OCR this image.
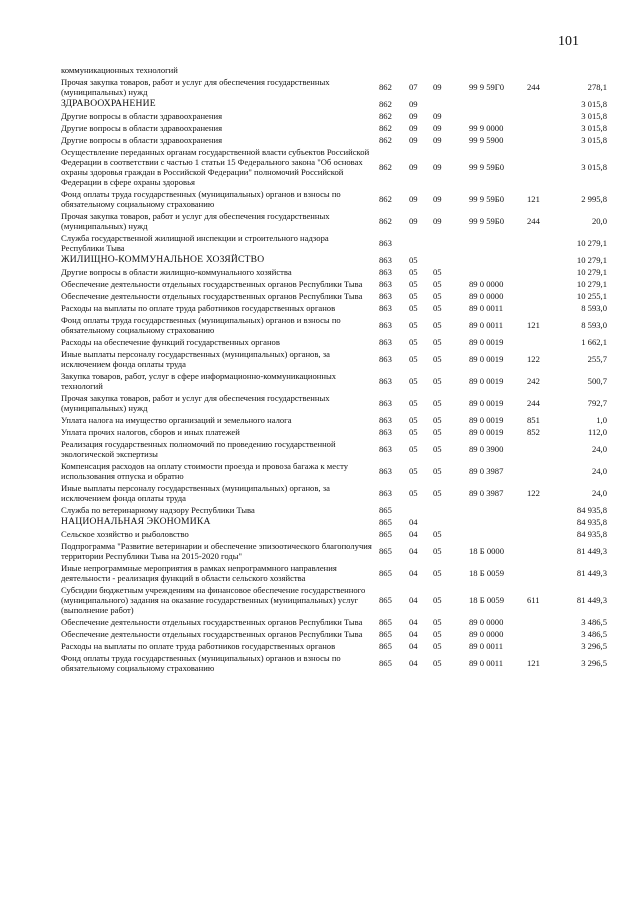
101
коммуникационных технологий						
Прочая закупка товаров, работ и услуг для обеспечения государственных (муниципальных) нужд	862	07	09	99 9 59Г0	244	278,1
ЗДРАВООХРАНЕНИЕ	862	09				3 015,8
Другие вопросы в области здравоохранения	862	09	09			3 015,8
Другие вопросы в области здравоохранения	862	09	09	99 9 0000		3 015,8
Другие вопросы в области здравоохранения	862	09	09	99 9 5900		3 015,8
Осуществление переданных органам государственной власти субъектов Российской Федерации в соответствии с частью 1 статьи 15 Федерального закона "Об основах охраны здоровья граждан в Российской Федерации" полномочий Российской Федерации в сфере охраны здоровья	862	09	09	99 9 59Б0		3 015,8
Фонд оплаты труда государственных (муниципальных) органов и взносы по обязательному социальному страхованию	862	09	09	99 9 59Б0	121	2 995,8
Прочая закупка товаров, работ и услуг для обеспечения государственных (муниципальных) нужд	862	09	09	99 9 59Б0	244	20,0
Служба государственной жилищной инспекции и строительного надзора Республики Тыва	863					10 279,1
ЖИЛИЩНО-КОММУНАЛЬНОЕ ХОЗЯЙСТВО	863	05				10 279,1
Другие вопросы в области жилищно-коммунального хозяйства	863	05	05			10 279,1
Обеспечение деятельности отдельных государственных органов Республики Тыва	863	05	05	89 0 0000		10 279,1
Обеспечение деятельности отдельных государственных органов Республики Тыва	863	05	05	89 0 0000		10 255,1
Расходы на выплаты по оплате труда работников государственных органов	863	05	05	89 0 0011		8 593,0
Фонд оплаты труда государственных (муниципальных) органов и взносы по обязательному социальному страхованию	863	05	05	89 0 0011	121	8 593,0
Расходы на обеспечение функций государственных органов	863	05	05	89 0 0019		1 662,1
Иные выплаты персоналу государственных (муниципальных) органов, за исключением фонда оплаты труда	863	05	05	89 0 0019	122	255,7
Закупка товаров, работ, услуг в сфере информационно-коммуникационных технологий	863	05	05	89 0 0019	242	500,7
Прочая закупка товаров, работ и услуг для обеспечения государственных (муниципальных) нужд	863	05	05	89 0 0019	244	792,7
Уплата налога на имущество организаций и земельного налога	863	05	05	89 0 0019	851	1,0
Уплата прочих налогов, сборов и иных платежей	863	05	05	89 0 0019	852	112,0
Реализация государственных полномочий по проведению государственной экологической экспертизы	863	05	05	89 0 3900		24,0
Компенсация расходов на оплату стоимости проезда и провоза багажа к месту использования отпуска и обратно	863	05	05	89 0 3987		24,0
Иные выплаты персоналу государственных (муниципальных) органов, за исключением фонда оплаты труда	863	05	05	89 0 3987	122	24,0
Служба по ветеринарному надзору Республики Тыва	865					84 935,8
НАЦИОНАЛЬНАЯ ЭКОНОМИКА	865	04				84 935,8
Сельское хозяйство и рыболовство	865	04	05			84 935,8
Подпрограмма "Развитие ветеринарии и обеспечение эпизоотического благополучия территории Республики Тыва на 2015-2020 годы"	865	04	05	18 Б 0000		81 449,3
Иные непрограммные мероприятия в рамках непрограммного направления деятельности - реализация функций в области сельского хозяйства	865	04	05	18 Б 0059		81 449,3
Субсидии бюджетным учреждениям на финансовое обеспечение государственного (муниципального) задания на оказание государственных (муниципальных) услуг (выполнение работ)	865	04	05	18 Б 0059	611	81 449,3
Обеспечение деятельности отдельных государственных органов Республики Тыва	865	04	05	89 0 0000		3 486,5
Обеспечение деятельности отдельных государственных органов Республики Тыва	865	04	05	89 0 0000		3 486,5
Расходы на выплаты по оплате труда работников государственных органов	865	04	05	89 0 0011		3 296,5
Фонд оплаты труда государственных (муниципальных) органов и взносы по обязательному социальному страхованию	865	04	05	89 0 0011	121	3 296,5
